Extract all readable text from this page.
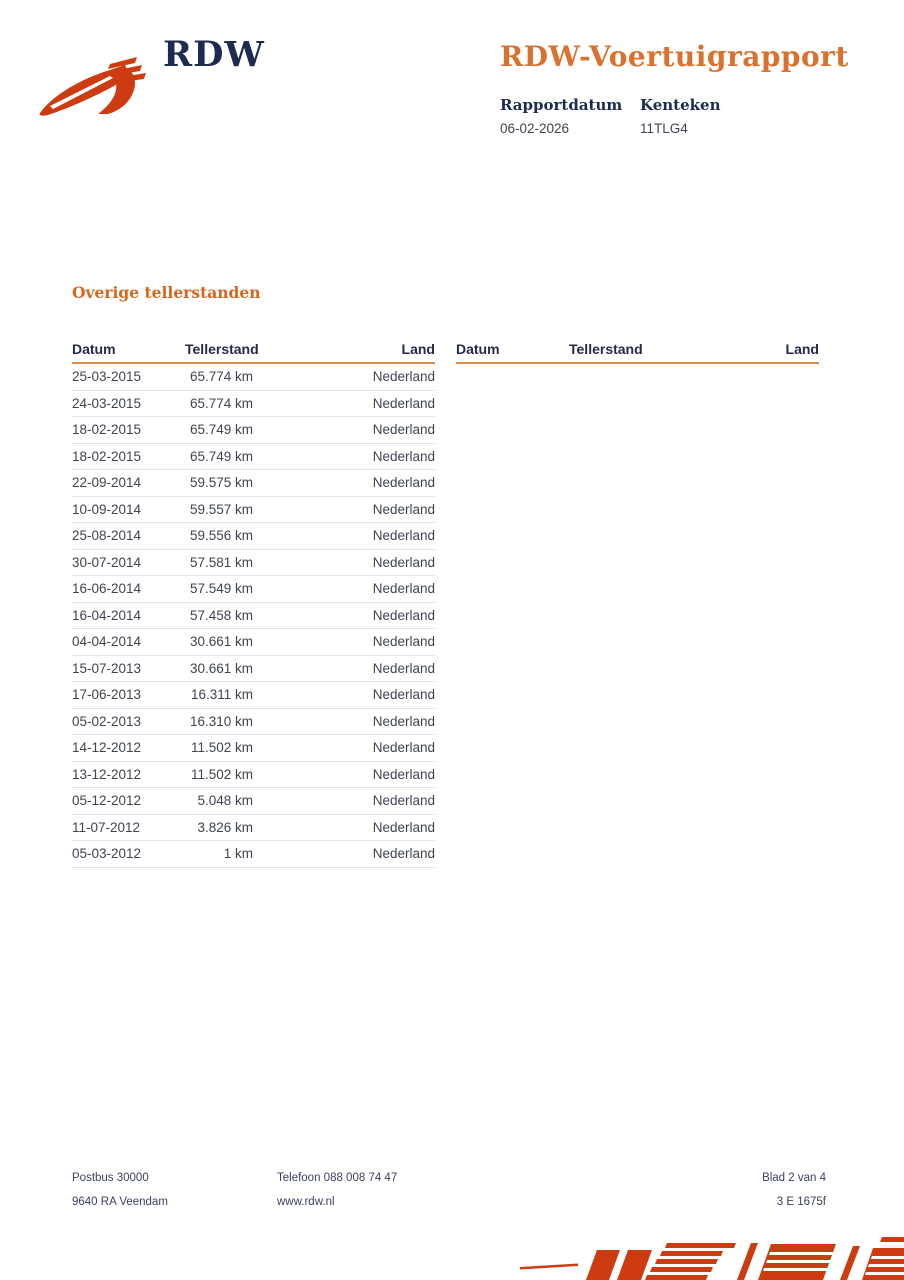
RDW	RDW-Voertuigrapport
Rapportdatum
06-02-2026
Kenteken
11TLG4
Overige tellerstanden
Datum	Tellerstand	Land
25-03-2015	65.774 km	Nederland
24-03-2015	65.774 km	Nederland
18-02-2015	65.749 km	Nederland
18-02-2015	65.749 km	Nederland
22-09-2014	59.575 km	Nederland
10-09-2014	59.557 km	Nederland
25-08-2014	59.556 km	Nederland
30-07-2014	57.581 km	Nederland
16-06-2014	57.549 km	Nederland
16-04-2014	57.458 km	Nederland
04-04-2014	30.661 km	Nederland
15-07-2013	30.661 km	Nederland
17-06-2013	16.311 km	Nederland
05-02-2013	16.310 km	Nederland
14-12-2012	11.502 km	Nederland
13-12-2012	11.502 km	Nederland
05-12-2012	5.048 km	Nederland
11-07-2012	3.826 km	Nederland
05-03-2012	1 km	Nederland
Datum	Tellerstand	Land
Postbus 30000
9640 RA Veendam
Telefoon 088 008 74 47
www.rdw.nl
Blad 2 van 4
3 E 1675f
